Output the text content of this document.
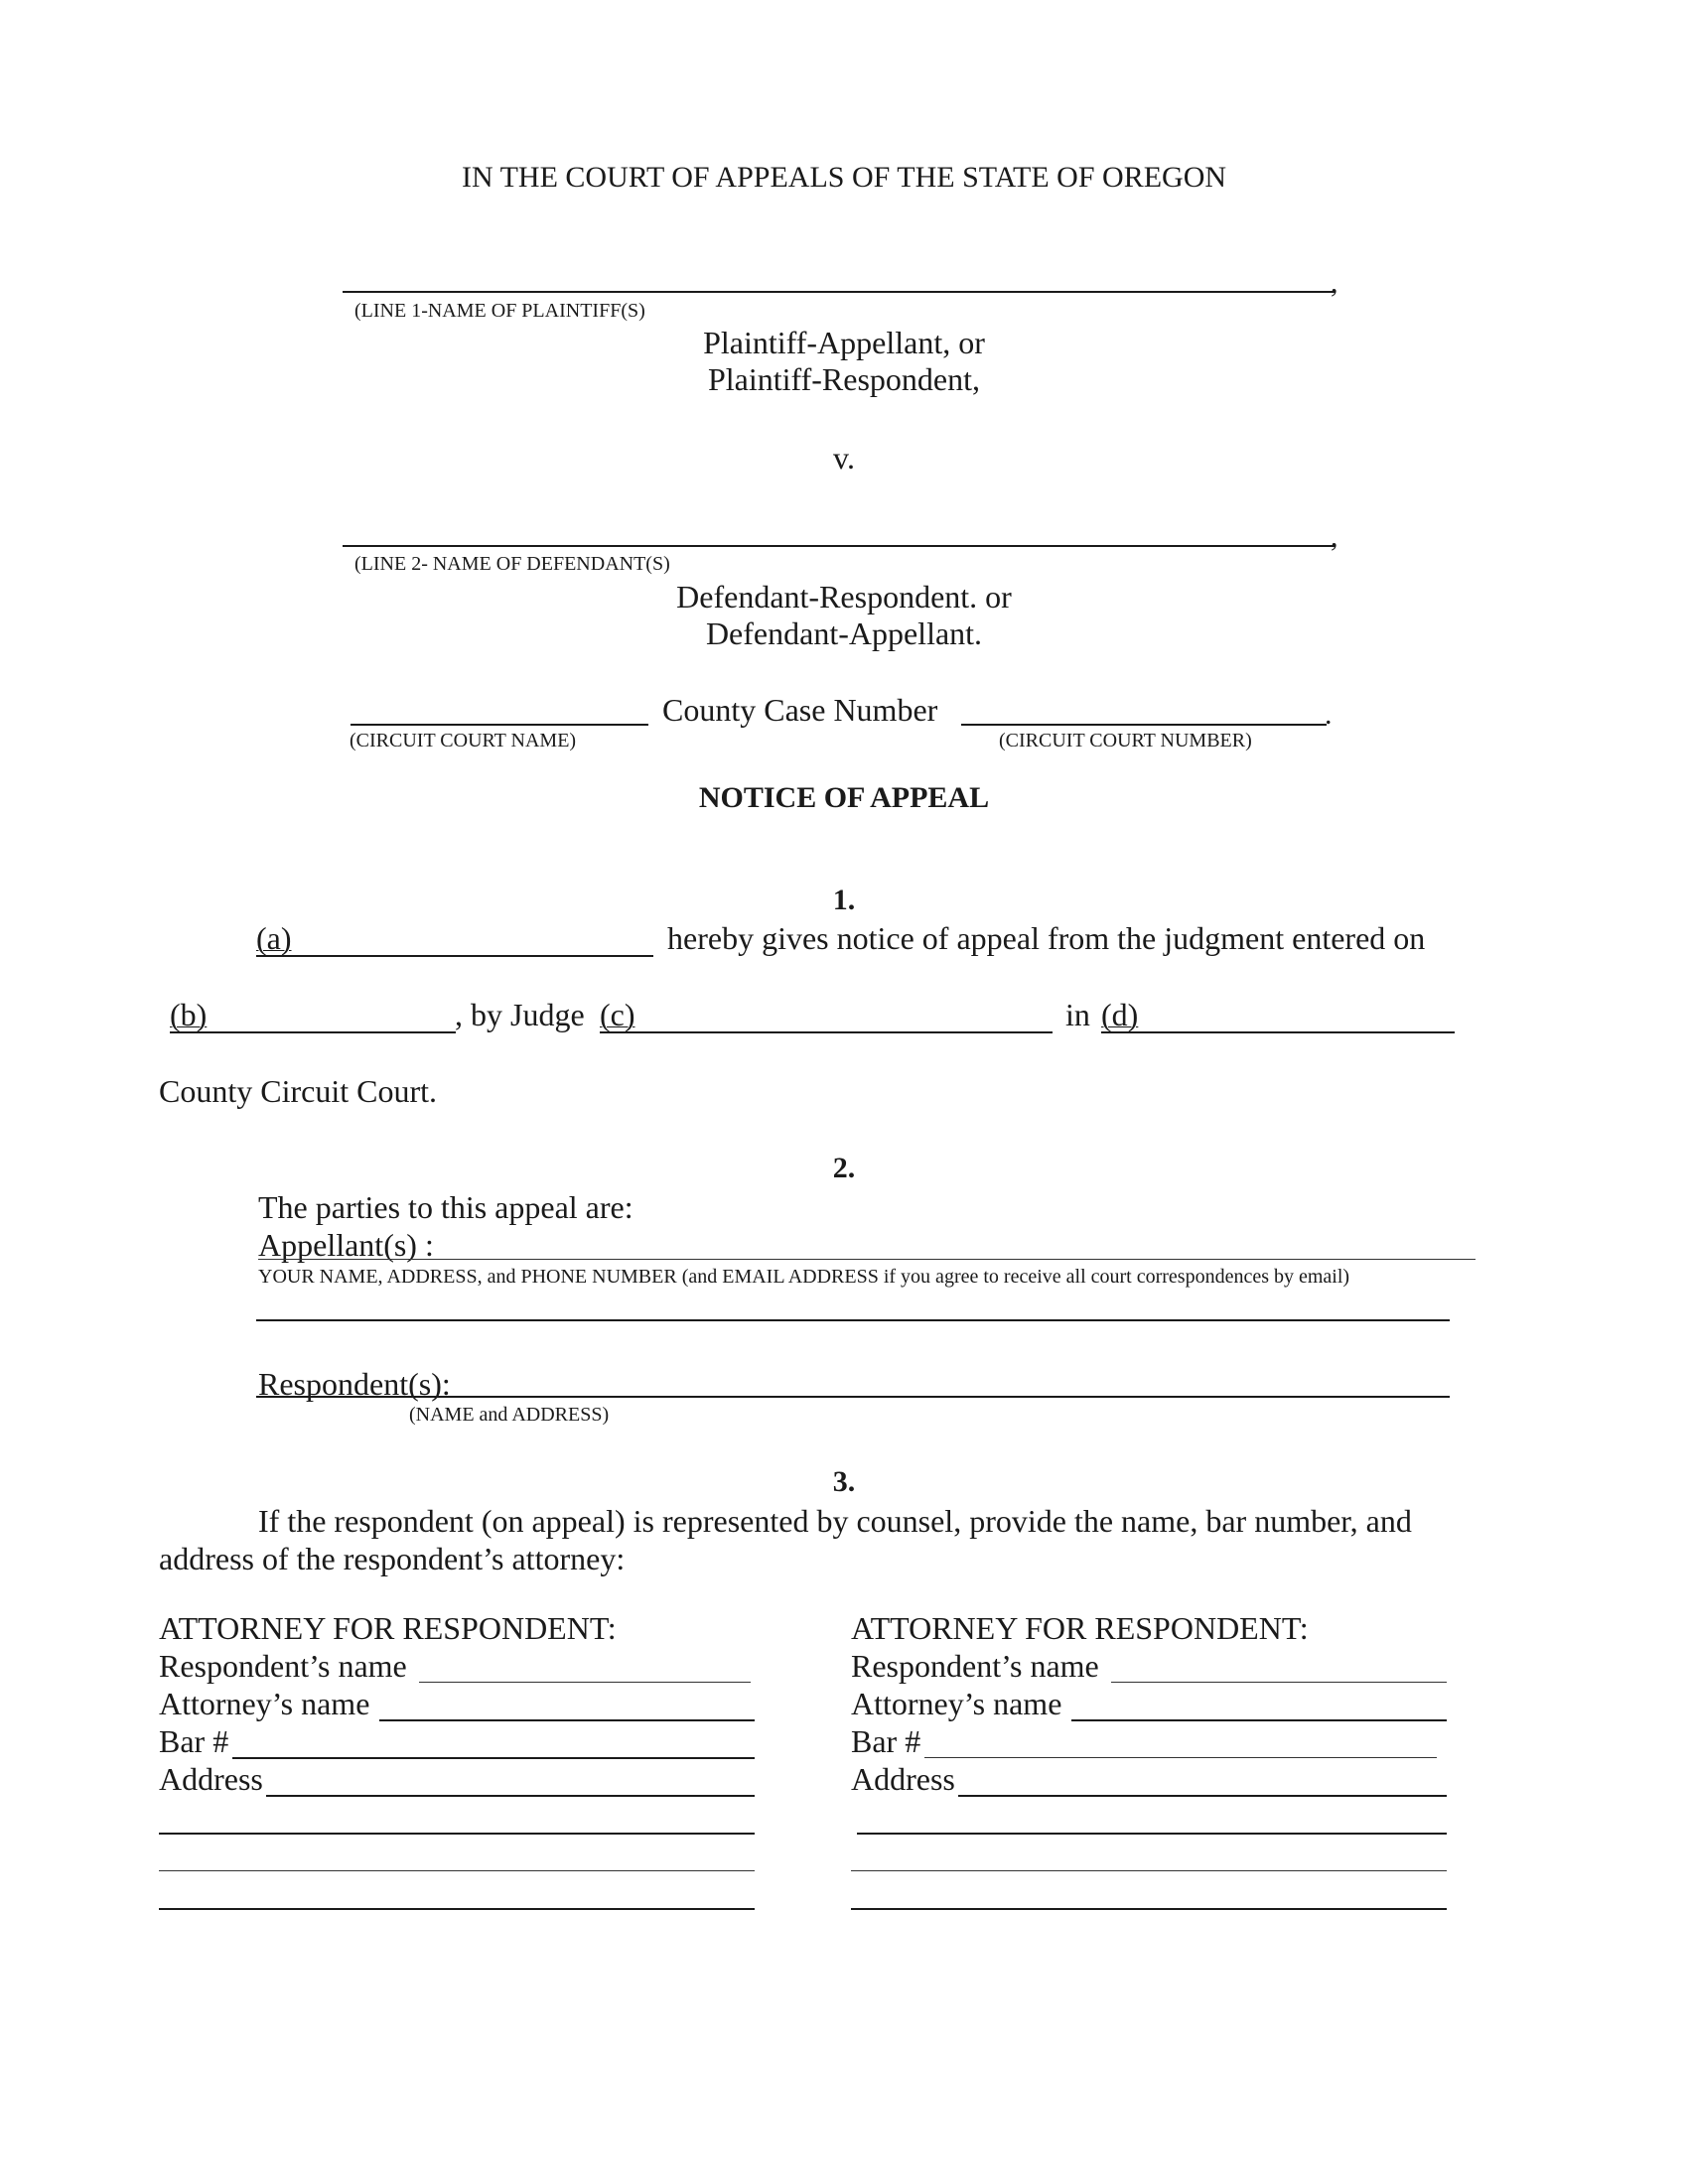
IN THE COURT OF APPEALS OF THE STATE OF OREGON
,
(LINE 1-NAME OF PLAINTIFF(S)
Plaintiff-Appellant, or
Plaintiff-Respondent,
v.
,
(LINE 2- NAME OF DEFENDANT(S)
Defendant-Respondent. or
Defendant-Appellant.
County Case Number	.
(CIRCUIT COURT NAME)	(CIRCUIT COURT NUMBER)
NOTICE OF APPEAL
1.
(a)	hereby gives notice of appeal from the judgment entered on
(b)	, by Judge (c)	in (d)
County Circuit Court.
2.
The parties to this appeal are:
Appellant(s) :
YOUR NAME, ADDRESS, and PHONE NUMBER (and EMAIL ADDRESS if you agree to receive all court correspondences by email)
Respondent(s):
(NAME and ADDRESS)
3.
If the respondent (on appeal) is represented by counsel, provide the name, bar number, and
address of the respondent’s attorney:
ATTORNEY FOR RESPONDENT:
Respondent’s name
Attorney’s name
Bar #
Address
ATTORNEY FOR RESPONDENT:
Respondent’s name
Attorney’s name
Bar #
Address
